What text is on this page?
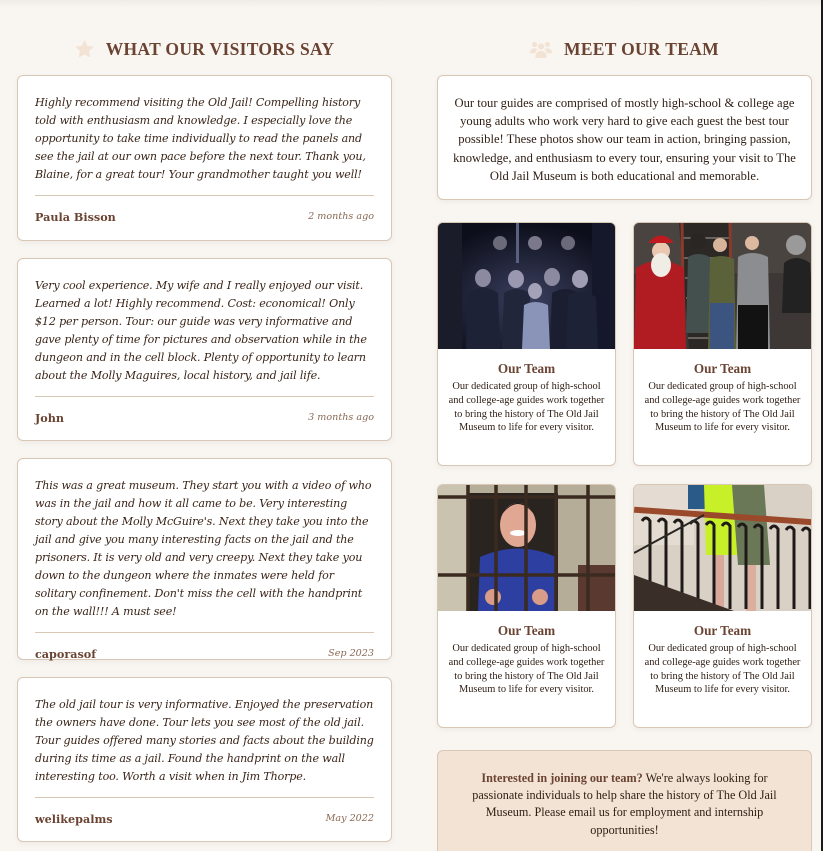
WHAT OUR VISITORS SAY

Highly recommend visiting the Old Jail! Compelling history told with enthusiasm and knowledge. I especially love the opportunity to take time individually to read the panels and see the jail at our own pace before the next tour. Thank you, Blaine, for a great tour! Your grandmother taught you well!

Paula Bisson	2 months ago

Very cool experience. My wife and I really enjoyed our visit. Learned a lot! Highly recommend. Cost: economical! Only $12 per person. Tour: our guide was very informative and gave plenty of time for pictures and observation while in the dungeon and in the cell block. Plenty of opportunity to learn about the Molly Maguires, local history, and jail life.

John	3 months ago

This was a great museum. They start you with a video of who was in the jail and how it all came to be. Very interesting story about the Molly McGuire's. Next they take you into the jail and give you many interesting facts on the jail and the prisoners. It is very old and very creepy. Next they take you down to the dungeon where the inmates were held for solitary confinement. Don't miss the cell with the handprint on the wall!!! A must see!

caporasof	Sep 2023

The old jail tour is very informative. Enjoyed the preservation the owners have done. Tour lets you see most of the old jail. Tour guides offered many stories and facts about the building during its time as a jail. Found the handprint on the wall interesting too. Worth a visit when in Jim Thorpe.

welikepalms	May 2022
MEET OUR TEAM

Our tour guides are comprised of mostly high-school & college age young adults who work very hard to give each guest the best tour possible! These photos show our team in action, bringing passion, knowledge, and enthusiasm to every tour, ensuring your visit to The Old Jail Museum is both educational and memorable.

Our Team

Our dedicated group of high-school and college-age guides work together to bring the history of The Old Jail Museum to life for every visitor.

Our Team

Our dedicated group of high-school and college-age guides work together to bring the history of The Old Jail Museum to life for every visitor.

Our Team

Our dedicated group of high-school and college-age guides work together to bring the history of The Old Jail Museum to life for every visitor.

Our Team

Our dedicated group of high-school and college-age guides work together to bring the history of The Old Jail Museum to life for every visitor.

Interested in joining our team? We're always looking for passionate individuals to help share the history of The Old Jail Museum. Please email us for employment and internship opportunities!
